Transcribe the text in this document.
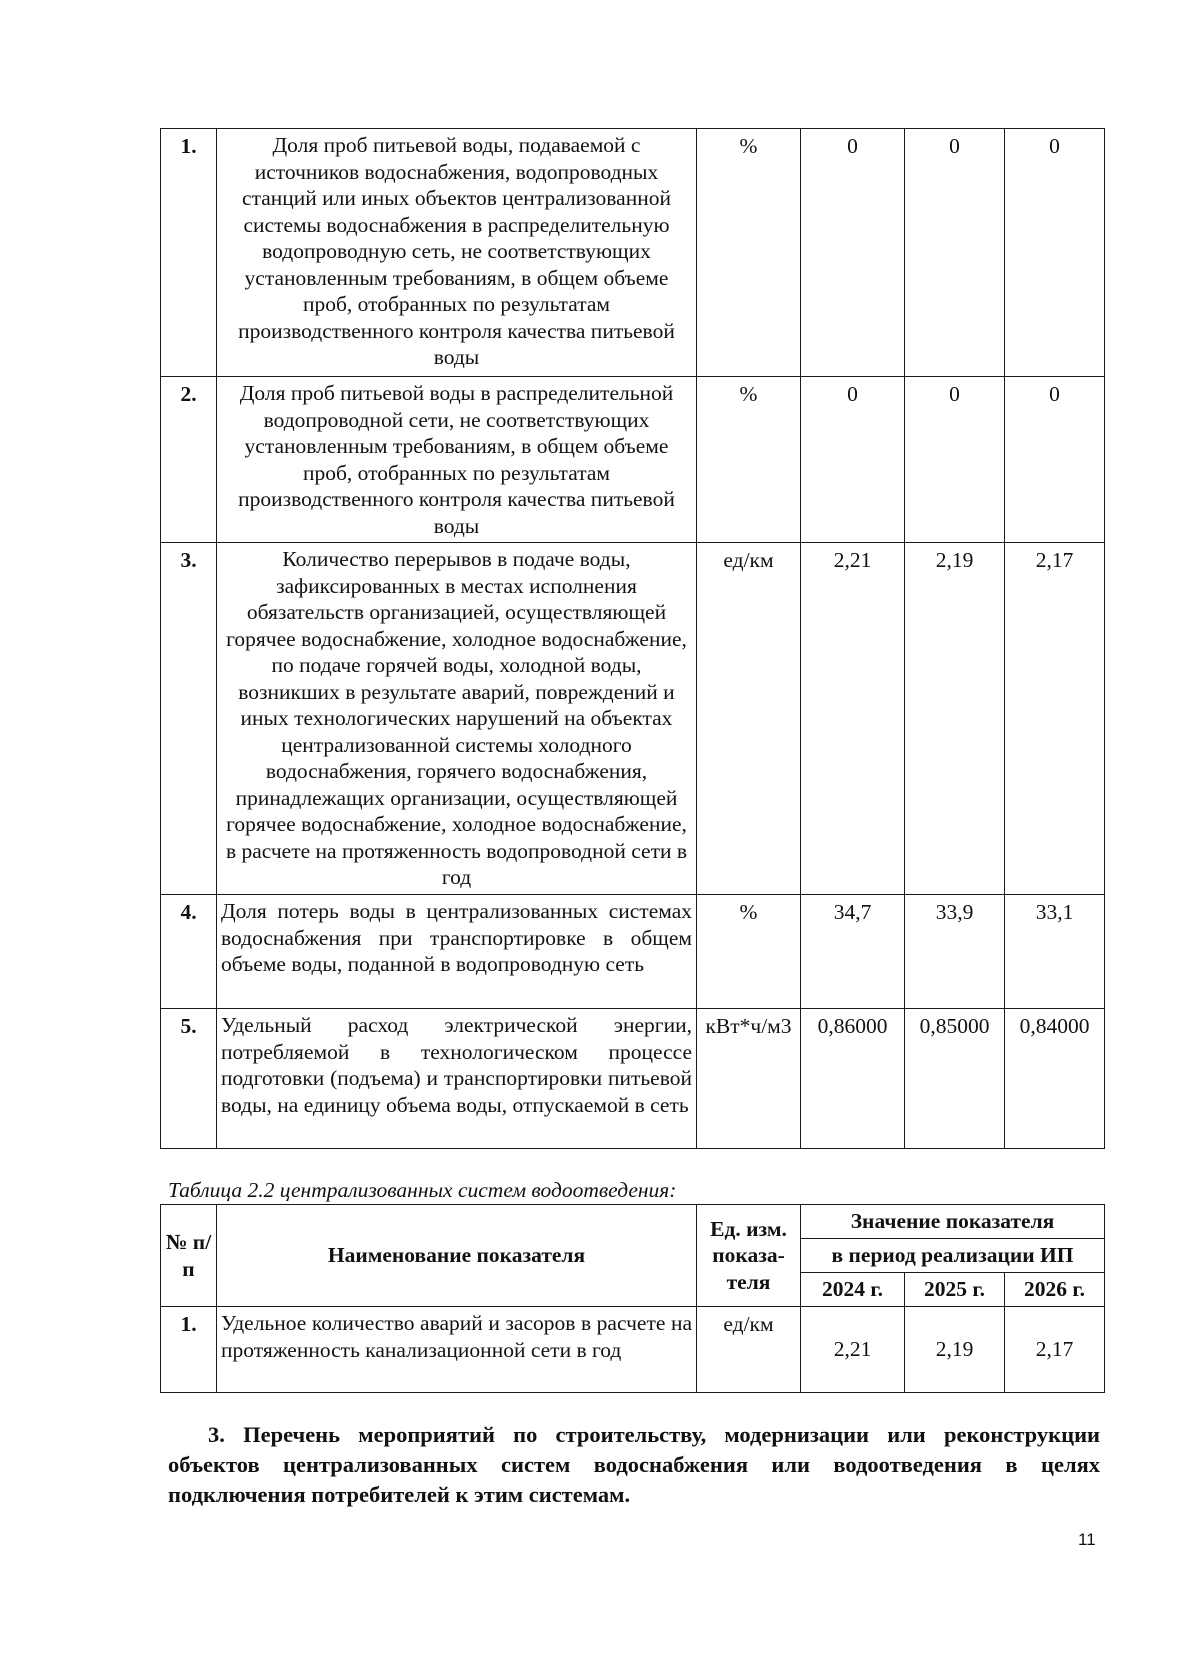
1.	Доля проб питьевой воды, подаваемой с источников водоснабжения, водопроводных станций или иных объектов централизованной системы водоснабжения в распределительную водопроводную сеть, не соответствующих установленным требованиям, в общем объеме проб, отобранных по результатам производственного контроля качества питьевой воды	%	0	0	0
2.	Доля проб питьевой воды в распределительной водопроводной сети, не соответствующих установленным требованиям, в общем объеме проб, отобранных по результатам производственного контроля качества питьевой воды	%	0	0	0
3.	Количество перерывов в подаче воды, зафиксированных в местах исполнения обязательств организацией, осуществляющей горячее водоснабжение, холодное водоснабжение, по подаче горячей воды, холодной воды, возникших в результате аварий, повреждений и иных технологических нарушений на объектах централизованной системы холодного водоснабжения, горячего водоснабжения, принадлежащих организации, осуществляющей горячее водоснабжение, холодное водоснабжение, в расчете на протяженность водопроводной сети в год	ед/км	2,21	2,19	2,17
4.	Доля потерь воды в централизованных системах водоснабжения при транспортировке в общем объеме воды, поданной в водопроводную сеть	%	34,7	33,9	33,1
5.	Удельный расход электрической энергии, потребляемой в технологическом процессе подготовки (подъема) и транспортировки питьевой воды, на единицу объема воды, отпускаемой в сеть	кВт*ч/м3	0,86000	0,85000	0,84000
Таблица 2.2 централизованных систем водоотведения:
№ п/п	Наименование показателя	Ед. изм. показа-теля	Значение показателя		
			в период реализации ИП		
			2024 г.	2025 г.	2026 г.
1.	Удельное количество аварий и засоров в расчете на протяженность канализационной сети в год	ед/км	2,21	2,19	2,17
3. Перечень мероприятий по строительству, модернизации или реконструкции объектов централизованных систем водоснабжения или водоотведения в целях подключения потребителей к этим системам.
11
